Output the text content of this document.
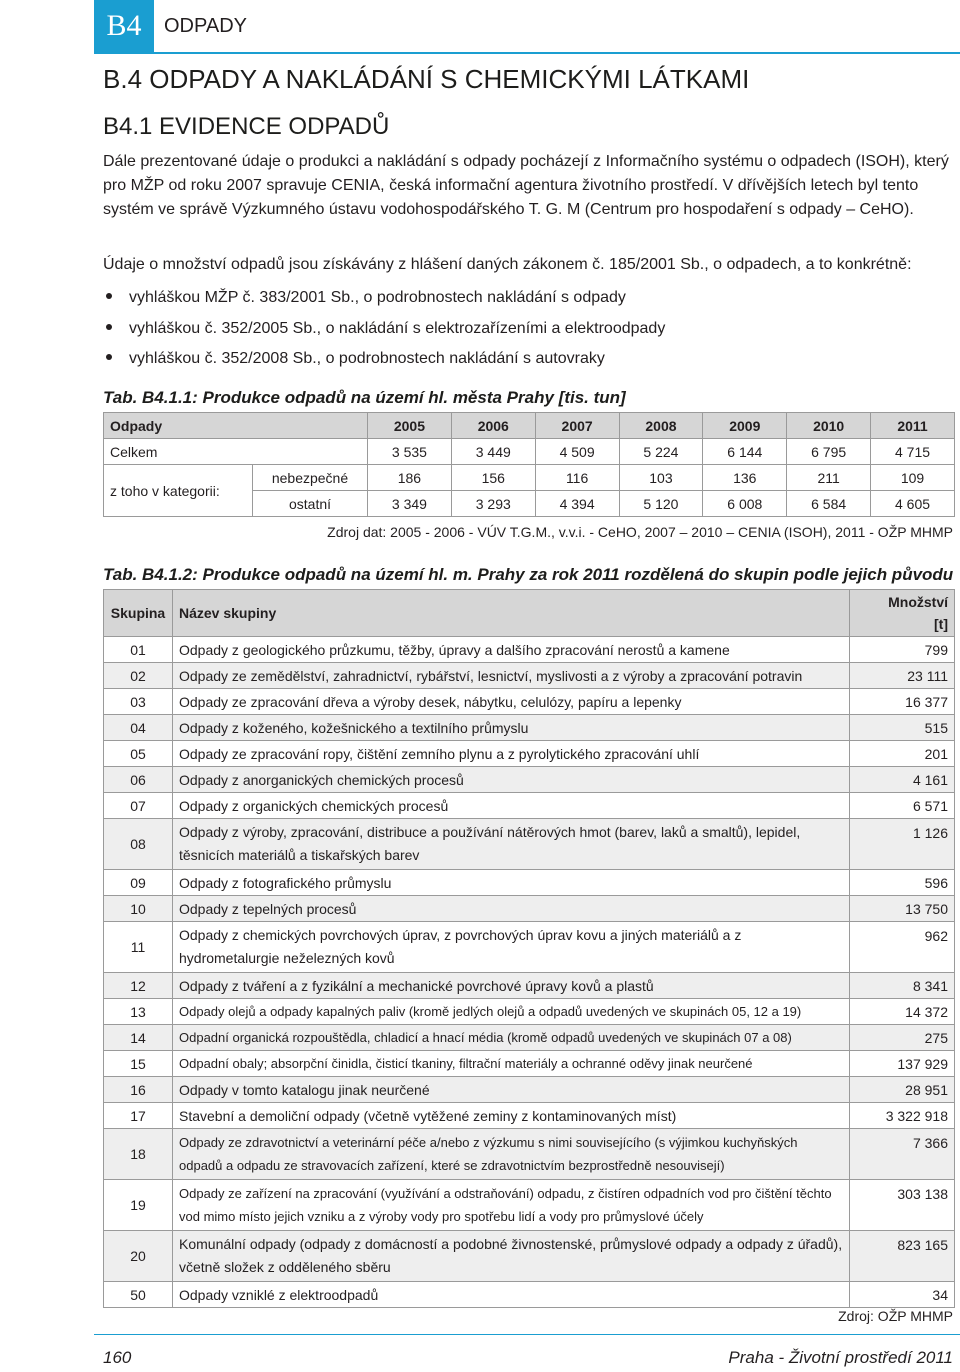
B4	ODPADY
B.4 ODPADY A NAKLÁDÁNÍ S CHEMICKÝMI LÁTKAMI
B4.1 EVIDENCE ODPADŮ
Dále prezentované údaje o produkci a nakládání s odpady pocházejí z Informačního systému o odpadech (ISOH), který pro MŽP od roku 2007 spravuje CENIA, česká informační agentura životního prostředí. V dřívějších letech byl tento systém ve správě Výzkumného ústavu vodohospodářského T. G. M (Centrum pro hospodaření s odpady – CeHO).
Údaje o množství odpadů jsou získávány z hlášení daných zákonem č. 185/2001 Sb., o odpadech, a to konkrétně:
vyhláškou MŽP č. 383/2001 Sb., o podrobnostech nakládání s odpady
vyhláškou č. 352/2005 Sb., o nakládání s elektrozařízeními a elektroodpady
vyhláškou č. 352/2008 Sb., o podrobnostech nakládání s autovraky
Tab. B4.1.1: Produkce odpadů na území hl. města Prahy [tis. tun]
Odpady		2005	2006	2007	2008	2009	2010	2011
Celkem		3 535	3 449	4 509	5 224	6 144	6 795	4 715
z toho v kategorii:	nebezpečné	186	156	116	103	136	211	109
	ostatní	3 349	3 293	4 394	5 120	6 008	6 584	4 605
Zdroj dat: 2005 - 2006 - VÚV T.G.M., v.v.i. - CeHO, 2007 – 2010 – CENIA (ISOH), 2011 - OŽP MHMP
Tab. B4.1.2: Produkce odpadů na území hl. m. Prahy za rok 2011 rozdělená do skupin podle jejich původu
Skupina	Název skupiny	Množství
[t]

01	Odpady z geologického průzkumu, těžby, úpravy a dalšího zpracování nerostů a kamene	799
02	Odpady ze zemědělství, zahradnictví, rybářství, lesnictví, myslivosti a z výroby a zpracování potravin	23 111
03	Odpady ze zpracování dřeva a výroby desek, nábytku, celulózy, papíru a lepenky	16 377
04	Odpady z koženého, kožešnického a textilního průmyslu	515
05	Odpady ze zpracování ropy, čištění zemního plynu a z pyrolytického zpracování uhlí	201
06	Odpady z anorganických chemických procesů	4 161
07	Odpady z organických chemických procesů	6 571
08	Odpady z výroby, zpracování, distribuce a používání nátěrových hmot (barev, laků a smaltů), lepidel, těsnicích materiálů a tiskařských barev	1 126
09	Odpady z fotografického průmyslu	596
10	Odpady z tepelných procesů	13 750
11	Odpady z chemických povrchových úprav, z povrchových úprav kovu a jiných materiálů a z hydrometalurgie neželezných kovů	962
12	Odpady z tváření a z fyzikální a mechanické povrchové úpravy kovů a plastů	8 341
13	Odpady olejů a odpady kapalných paliv (kromě jedlých olejů a odpadů uvedených ve skupinách 05, 12 a 19)	14 372
14	Odpadní organická rozpouštědla, chladicí a hnací média (kromě odpadů uvedených ve skupinách 07 a 08)	275
15	Odpadní obaly; absorpční činidla, čisticí tkaniny, filtrační materiály a ochranné oděvy jinak neurčené	137 929
16	Odpady v tomto katalogu jinak neurčené	28 951
17	Stavební a demoliční odpady (včetně vytěžené zeminy z kontaminovaných míst)	3 322 918
18	Odpady ze zdravotnictví a veterinární péče a/nebo z výzkumu s nimi souvisejícího (s výjimkou kuchyňských odpadů a odpadu ze stravovacích zařízení, které se zdravotnictvím bezprostředně nesouvisejí)	7 366
19	Odpady ze zařízení na zpracování (využívání a odstraňování) odpadu, z čistíren odpadních vod pro čištění těchto vod mimo místo jejich vzniku a z výroby vody pro spotřebu lidí a vody pro průmyslové účely	303 138
20	Komunální odpady (odpady z domácností a podobné živnostenské, průmyslové odpady a odpady z úřadů), včetně složek z odděleného sběru	823 165
50	Odpady vzniklé z elektroodpadů	34
Zdroj: OŽP MHMP
160	Praha - Životní prostředí 2011
